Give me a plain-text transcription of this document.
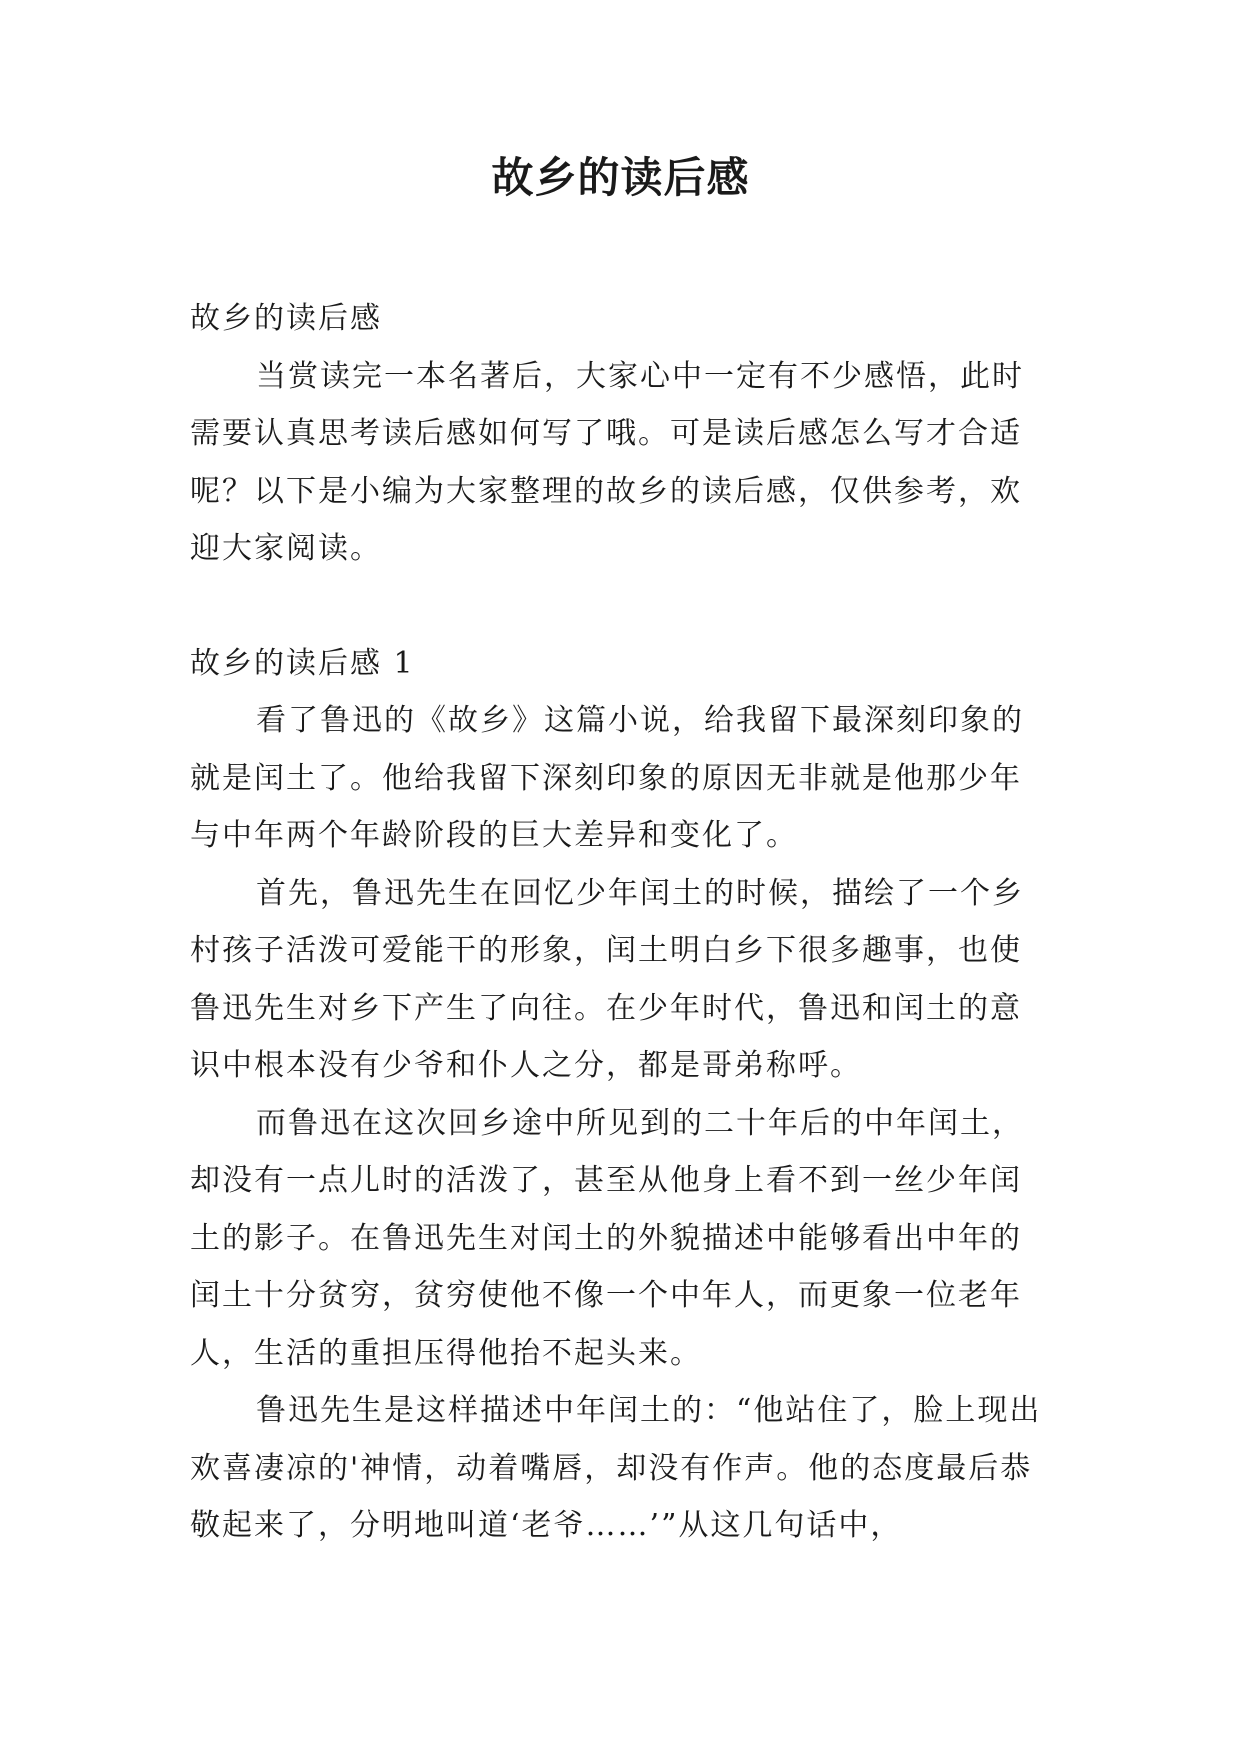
故乡的读后感

故乡的读后感

当赏读完一本名著后，大家心中一定有不少感悟，此时需要认真思考读后感如何写了哦。可是读后感怎么写才合适呢？以下是小编为大家整理的故乡的读后感，仅供参考，欢迎大家阅读。

故乡的读后感 1

看了鲁迅的《故乡》这篇小说，给我留下最深刻印象的就是闰土了。他给我留下深刻印象的原因无非就是他那少年与中年两个年龄阶段的巨大差异和变化了。

首先，鲁迅先生在回忆少年闰土的时候，描绘了一个乡村孩子活泼可爱能干的形象，闰土明白乡下很多趣事，也使鲁迅先生对乡下产生了向往。在少年时代，鲁迅和闰土的意识中根本没有少爷和仆人之分，都是哥弟称呼。

而鲁迅在这次回乡途中所见到的二十年后的中年闰土，却没有一点儿时的活泼了，甚至从他身上看不到一丝少年闰土的影子。在鲁迅先生对闰土的外貌描述中能够看出中年的闰土十分贫穷，贫穷使他不像一个中年人，而更象一位老年人，生活的重担压得他抬不起头来。

鲁迅先生是这样描述中年闰土的：“他站住了，脸上现出欢喜凄凉的'神情，动着嘴唇，却没有作声。他的态度最后恭敬起来了，分明地叫道‘老爷……’”从这几句话中，
